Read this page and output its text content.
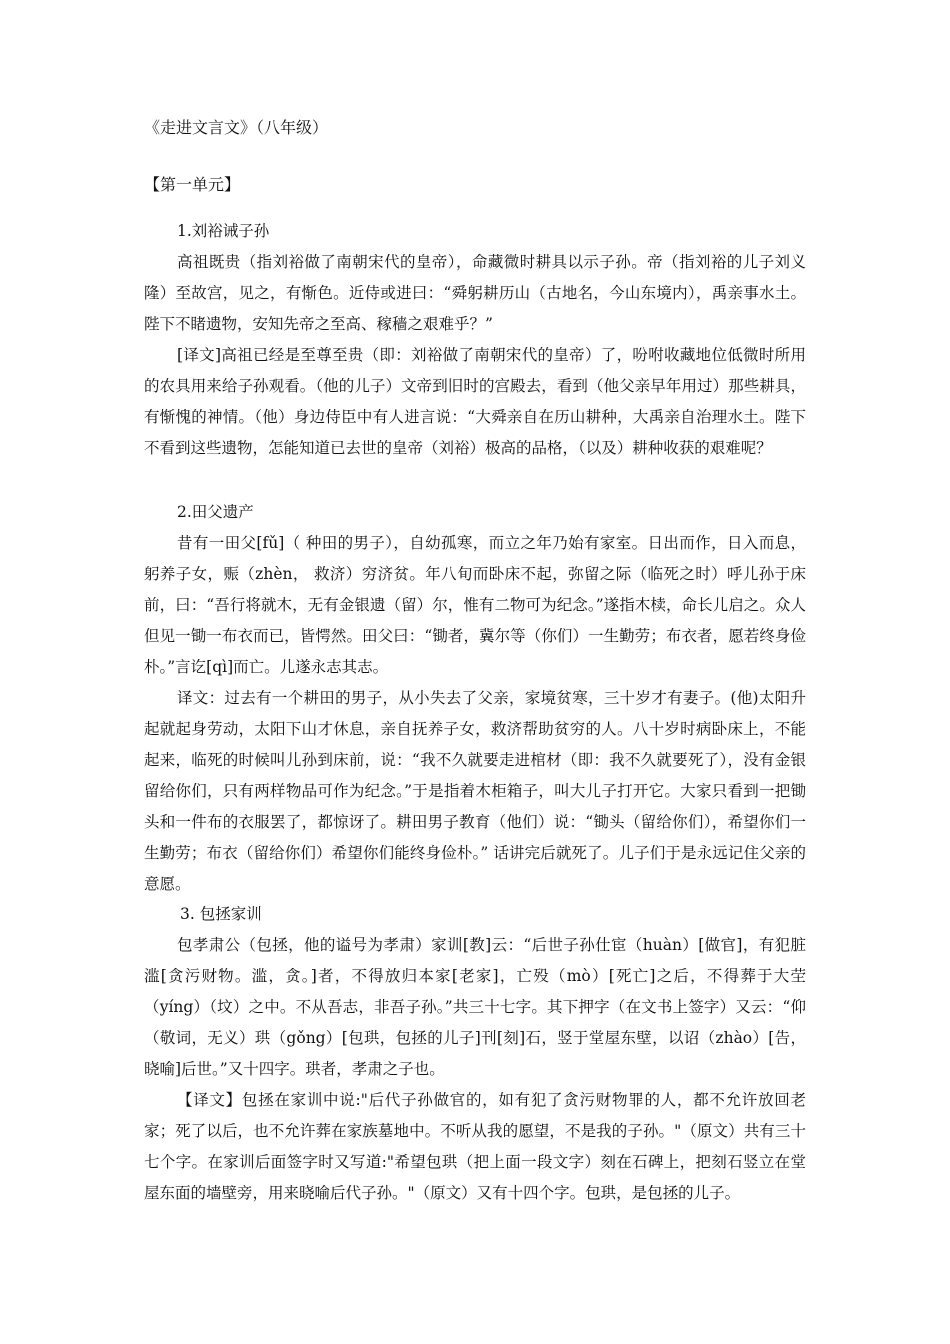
《走进文言文》（八年级）
【第一单元】
1.刘裕诫子孙

高祖既贵（指刘裕做了南朝宋代的皇帝），命藏微时耕具以示子孙。帝（指刘裕的儿子刘义隆）至故宫，见之，有惭色。近侍或进曰：“舜躬耕历山（古地名，今山东境内），禹亲事水土。陛下不睹遗物，安知先帝之至高、稼穑之艰难乎？”

[译文]高祖已经是至尊至贵（即：刘裕做了南朝宋代的皇帝）了，吩咐收藏地位低微时所用的农具用来给子孙观看。（他的儿子）文帝到旧时的宫殿去，看到（他父亲早年用过）那些耕具，有惭愧的神情。（他）身边侍臣中有人进言说：“大舜亲自在历山耕种，大禹亲自治理水土。陛下不看到这些遗物，怎能知道已去世的皇帝（刘裕）极高的品格，（以及）耕种收获的艰难呢？

2.田父遗产

昔有一田父[fǔ]（ 种田的男子），自幼孤寒，而立之年乃始有家室。日出而作，日入而息，躬养子女，赈（zhèn， 救济）穷济贫。年八旬而卧床不起，弥留之际（临死之时）呼儿孙于床前，曰：“吾行将就木，无有金银遗（留）尔，惟有二物可为纪念。”遂指木椟，命长儿启之。众人但见一锄一布衣而已，皆愕然。田父曰：“锄者，冀尔等（你们）一生勤劳；布衣者，愿若终身俭朴。”言讫[qì]而亡。儿遂永志其志。

译文：过去有一个耕田的男子，从小失去了父亲，家境贫寒，三十岁才有妻子。(他)太阳升起就起身劳动，太阳下山才休息，亲自抚养子女，救济帮助贫穷的人。八十岁时病卧床上，不能起来，临死的时候叫儿孙到床前，说：“我不久就要走进棺材（即：我不久就要死了），没有金银留给你们，只有两样物品可作为纪念。”于是指着木柜箱子，叫大儿子打开它。大家只看到一把锄头和一件布的衣服罢了，都惊讶了。耕田男子教育（他们）说：“锄头（留给你们），希望你们一生勤劳；布衣（留给你们）希望你们能终身俭朴。” 话讲完后就死了。儿子们于是永远记住父亲的意愿。

3. 包拯家训

包孝肃公（包拯，他的谥号为孝肃）家训[教]云：“后世子孙仕宦（huàn）[做官]，有犯脏滥[贪污财物。滥，贪。]者，不得放归本家[老家]，亡殁（mò）[死亡]之后，不得葬于大茔（yíng）（坟）之中。不从吾志，非吾子孙。”共三十七字。其下押字（在文书上签字）又云：“仰（敬词，无义）珙（gǒng）[包珙，包拯的儿子]刊[刻]石，竖于堂屋东壁，以诏（zhào）[告，晓喻]后世。”又十四字。珙者，孝肃之子也。

【译文】包拯在家训中说:"后代子孙做官的，如有犯了贪污财物罪的人，都不允许放回老家；死了以后，也不允许葬在家族墓地中。不听从我的愿望，不是我的子孙。"（原文）共有三十七个字。在家训后面签字时又写道:"希望包珙（把上面一段文字）刻在石碑上，把刻石竖立在堂屋东面的墙壁旁，用来晓喻后代子孙。"（原文）又有十四个字。包珙，是包拯的儿子。
